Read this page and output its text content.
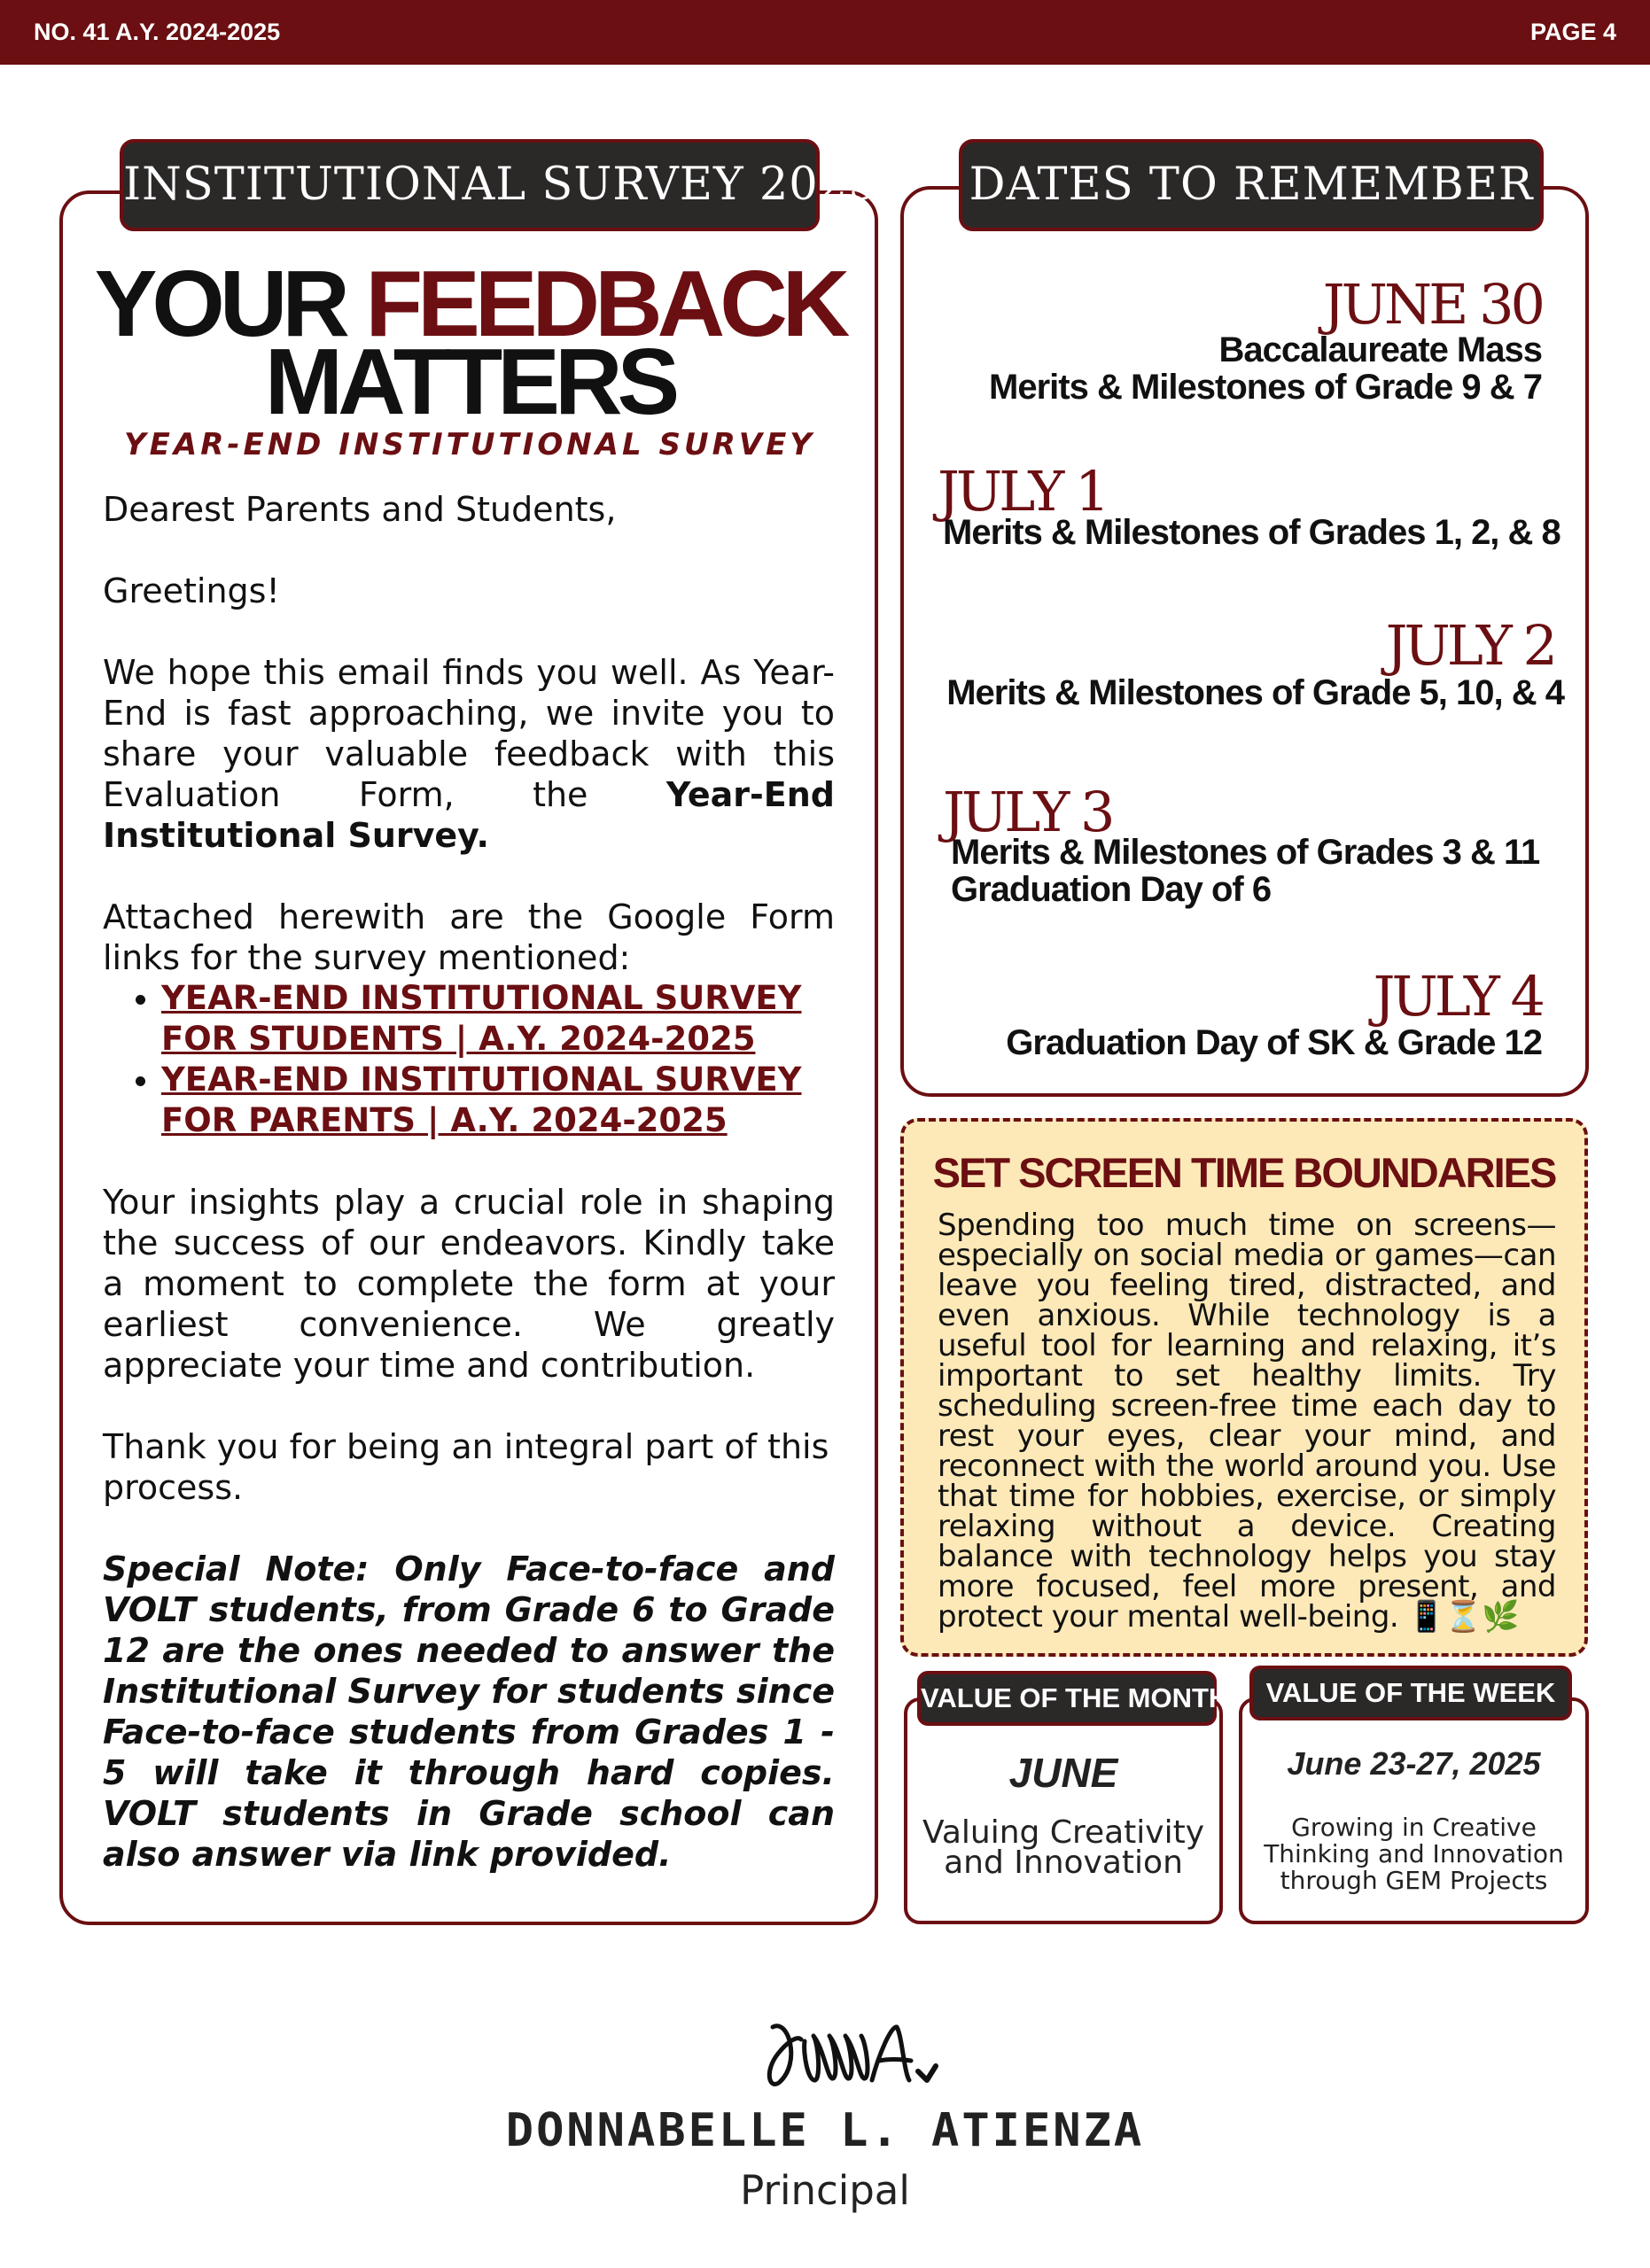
NO. 41 A.Y. 2024-2025	PAGE 4
INSTITUTIONAL SURVEY 2025
YOUR FEEDBACK
MATTERS
YEAR-END INSTITUTIONAL SURVEY

Dearest Parents and Students,

Greetings!

We hope this email finds you well. As Year-End is fast approaching, we invite you to share your valuable feedback with this Evaluation Form, the Year-End Institutional Survey.

Attached herewith are the Google Form links for the survey mentioned:

• YEAR-END INSTITUTIONAL SURVEY FOR STUDENTS | A.Y. 2024-2025
• YEAR-END INSTITUTIONAL SURVEY FOR PARENTS | A.Y. 2024-2025

Your insights play a crucial role in shaping the success of our endeavors. Kindly take a moment to complete the form at your earliest convenience. We greatly appreciate your time and contribution.

Thank you for being an integral part of this process.

Special Note: Only Face-to-face and VOLT students, from Grade 6 to Grade 12 are the ones needed to answer the Institutional Survey for students since Face-to-face students from Grades 1 - 5 will take it through hard copies. VOLT students in Grade school can also answer via link provided.

DATES TO REMEMBER
JUNE 30
Baccalaureate Mass
Merits & Milestones of Grade 9 & 7
JULY 1
Merits & Milestones of Grades 1, 2, & 8
JULY 2
Merits & Milestones of Grade 5, 10, & 4
JULY 3
Merits & Milestones of Grades 3 & 11
Graduation Day of 6
JULY 4
Graduation Day of SK & Grade 12
SET SCREEN TIME BOUNDARIES
Spending too much time on screens—especially on social media or games—can leave you feeling tired, distracted, and even anxious. While technology is a useful tool for learning and relaxing, it’s important to set healthy limits. Try scheduling screen-free time each day to rest your eyes, clear your mind, and reconnect with the world around you. Use that time for hobbies, exercise, or simply relaxing without a device. Creating balance with technology helps you stay more focused, feel more present, and protect your mental well-being. 📱⏳🌿
VALUE OF THE MONTH
JUNE
Valuing Creativity
and Innovation
VALUE OF THE WEEK
June 23-27, 2025
Growing in Creative
Thinking and Innovation
through GEM Projects
DONNABELLE L. ATIENZA
Principal
